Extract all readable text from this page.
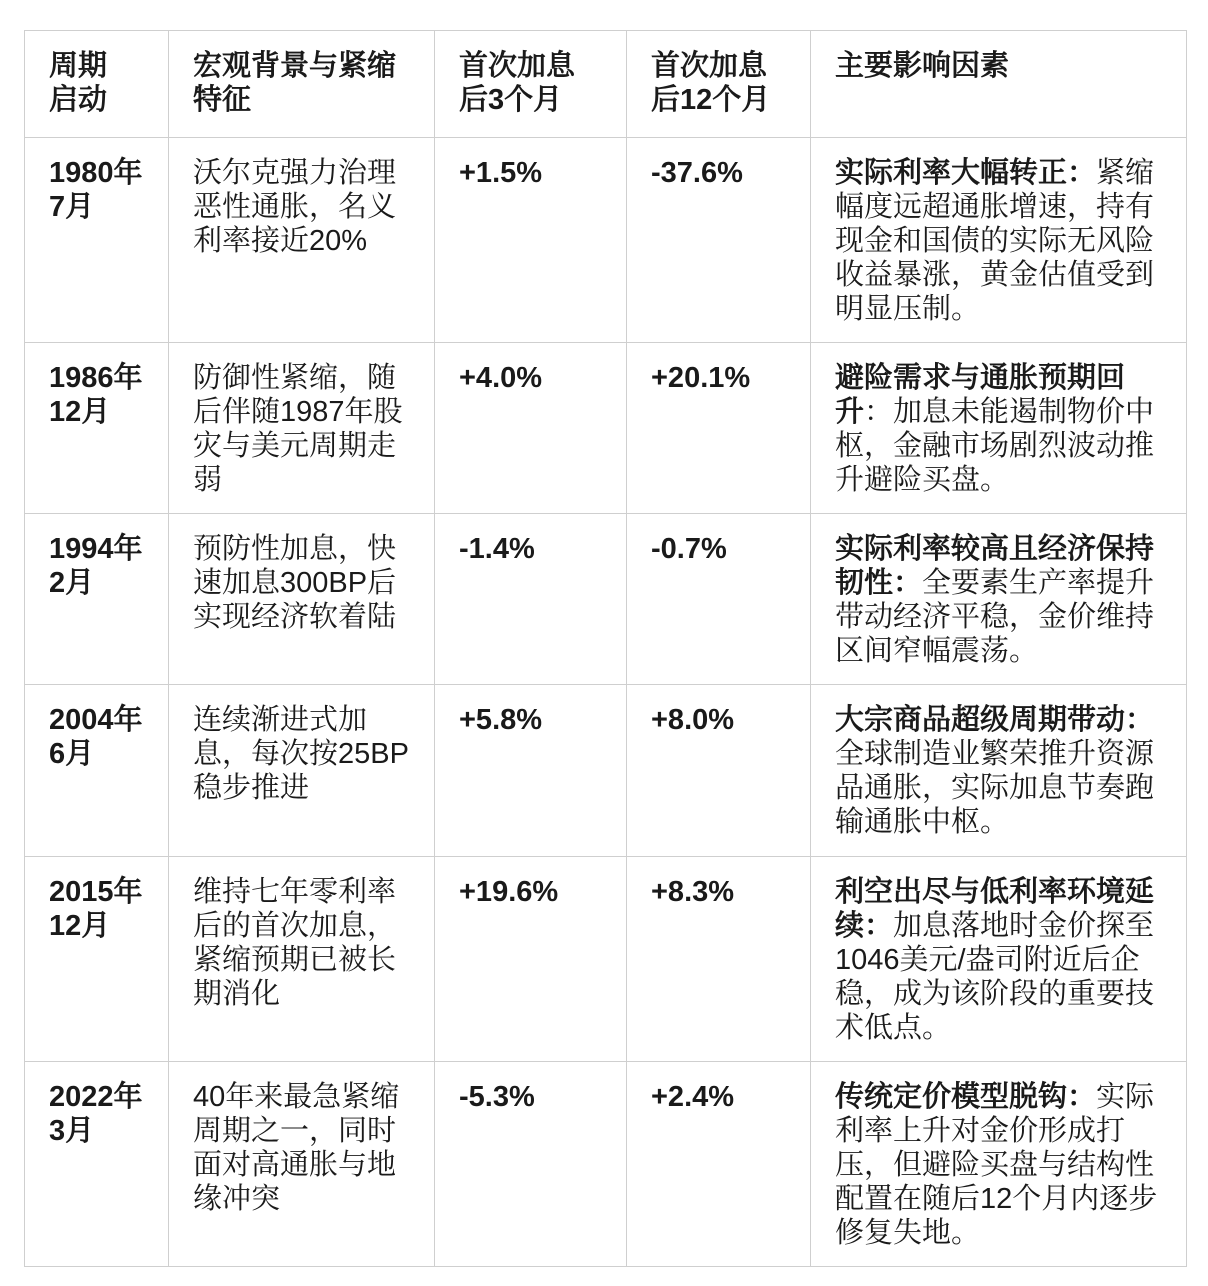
周期启动	宏观背景与紧缩特征	首次加息后3个月	首次加息后12个月	主要影响因素
1980年7月	沃尔克强力治理恶性通胀，名义利率接近20%	+1.5%	-37.6%	实际利率大幅转正：紧缩幅度远超通胀增速，持有现金和国债的实际无风险收益暴涨，黄金估值受到明显压制。
1986年12月	防御性紧缩，随后伴随1987年股灾与美元周期走弱	+4.0%	+20.1%	避险需求与通胀预期回升：加息未能遏制物价中枢，金融市场剧烈波动推升避险买盘。
1994年2月	预防性加息，快速加息300BP后实现经济软着陆	-1.4%	-0.7%	实际利率较高且经济保持韧性：全要素生产率提升带动经济平稳，金价维持区间窄幅震荡。
2004年6月	连续渐进式加息，每次按25BP稳步推进	+5.8%	+8.0%	大宗商品超级周期带动：全球制造业繁荣推升资源品通胀，实际加息节奏跑输通胀中枢。
2015年12月	维持七年零利率后的首次加息，紧缩预期已被长期消化	+19.6%	+8.3%	利空出尽与低利率环境延续：加息落地时金价探至1046美元/盎司附近后企稳，成为该阶段的重要技术低点。
2022年3月	40年来最急紧缩周期之一，同时面对高通胀与地缘冲突	-5.3%	+2.4%	传统定价模型脱钩：实际利率上升对金价形成打压，但避险买盘与结构性配置在随后12个月内逐步修复失地。
